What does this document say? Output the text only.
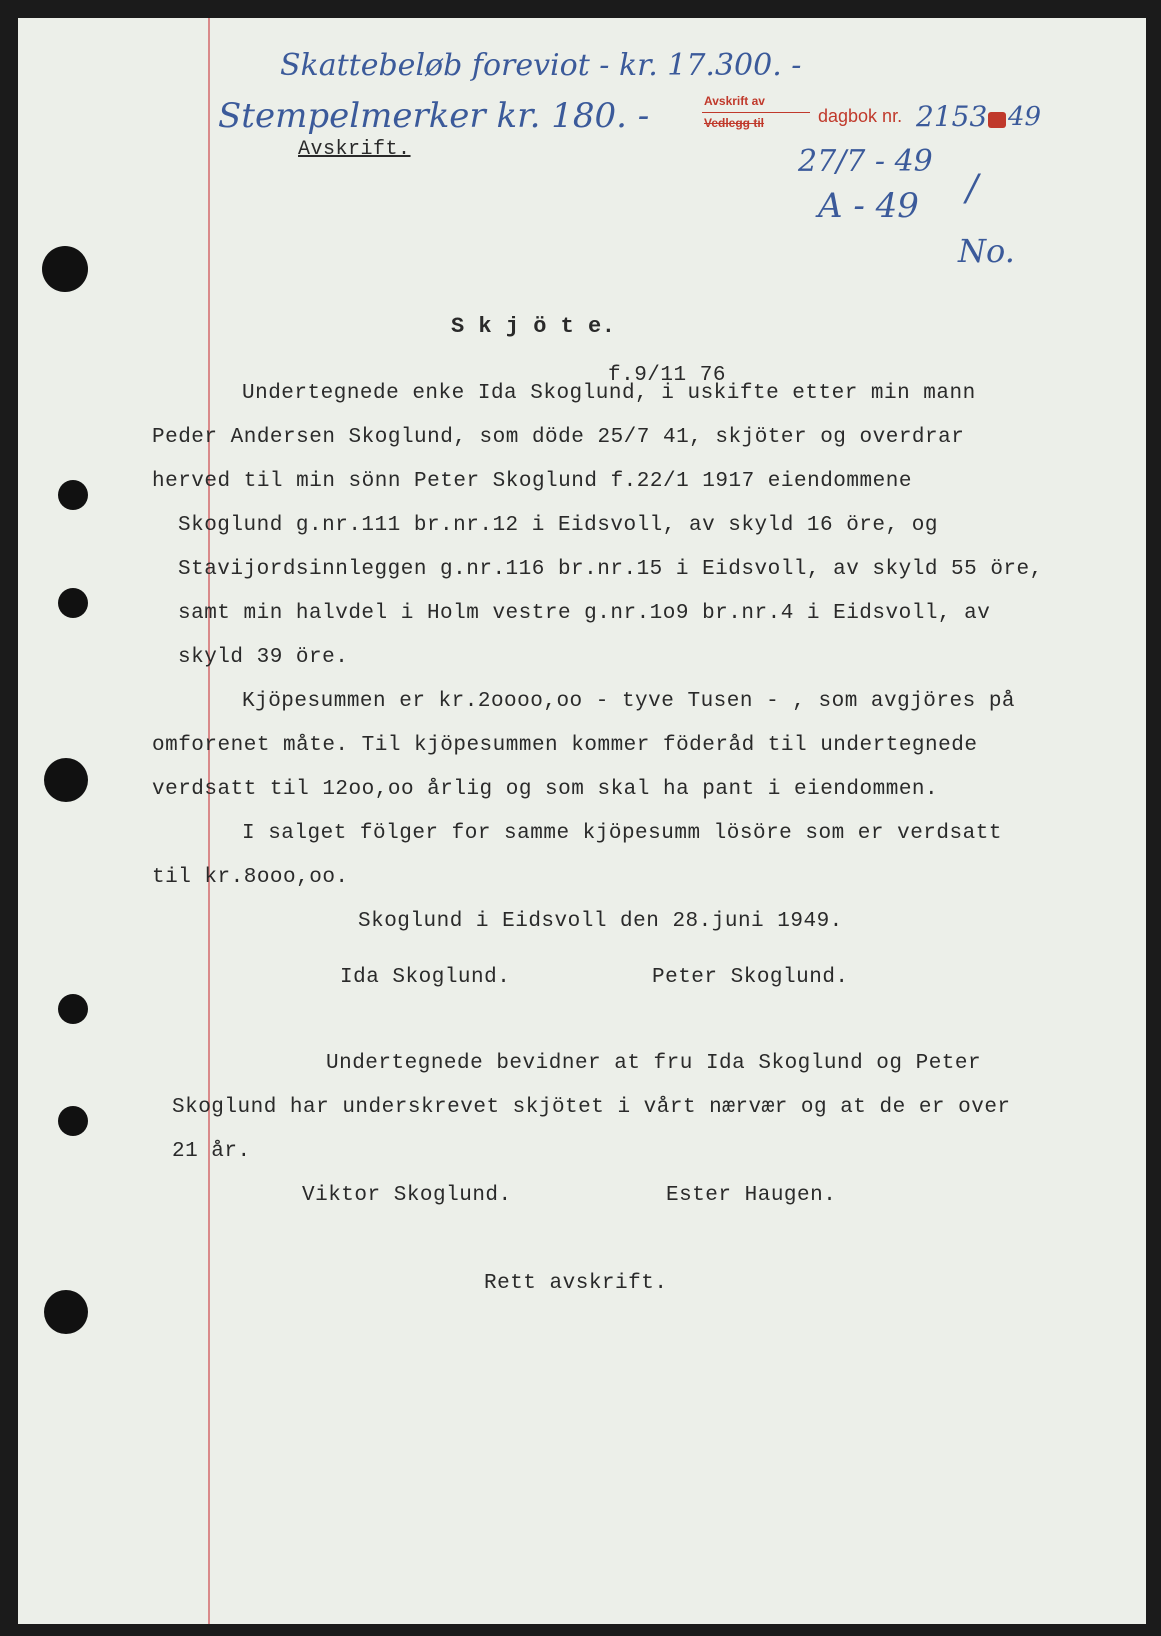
Skattebeløb foreviot - kr. 17.300. -
Stempelmerker kr. 180. -
Avskrift.
Avskrift av
Vedlegg til	dagbok nr. 2153 49
27/7 - 49
A - 49 /
No.
S k j ö t e.
f.9/11 76
Undertegnede enke Ida Skoglund, i uskifte etter min mann
Peder Andersen Skoglund, som döde 25/7 41, skjöter og overdrar
herved til min sönn Peter Skoglund f.22/1 1917 eiendommene
Skoglund g.nr.111 br.nr.12 i Eidsvoll, av skyld 16 öre, og
Stavijordsinnleggen g.nr.116 br.nr.15 i Eidsvoll, av skyld 55 öre,
samt min halvdel i Holm vestre g.nr.1o9 br.nr.4 i Eidsvoll, av
skyld 39 öre.
Kjöpesummen er kr.2oooo,oo - tyve Tusen - , som avgjöres på
omforenet måte. Til kjöpesummen kommer föderåd til undertegnede
verdsatt til 12oo,oo årlig og som skal ha pant i eiendommen.
I salget fölger for samme kjöpesumm lösöre som er verdsatt
til kr.8ooo,oo.
Skoglund i Eidsvoll den 28.juni 1949.
Ida Skoglund.	Peter Skoglund.
Undertegnede bevidner at fru Ida Skoglund og Peter
Skoglund har underskrevet skjötet i vårt nærvær og at de er over
21 år.
Viktor Skoglund.	Ester Haugen.
Rett avskrift.
